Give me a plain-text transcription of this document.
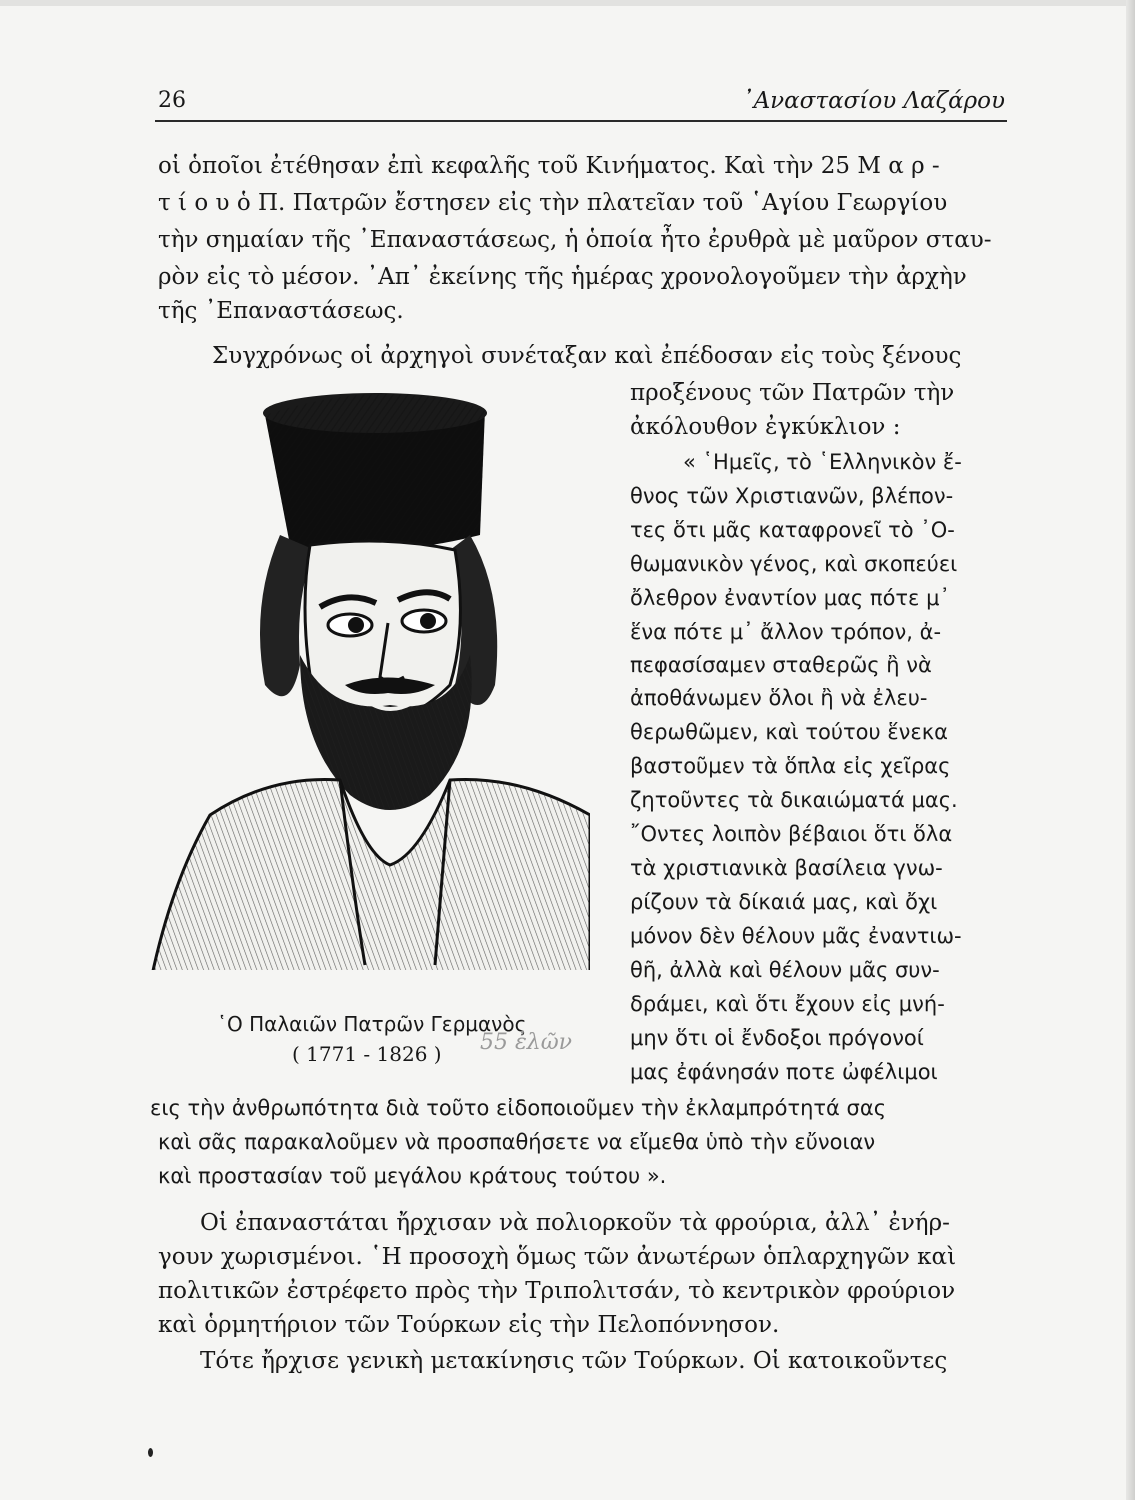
26	᾿Αναστασίου Λαζάρου
οἱ ὁποῖοι ἐτέθησαν ἐπὶ κεφαλῆς τοῦ Κινήματος. Καὶ τὴν 25 Μ α ρ -
τ ί ο υ ὁ Π. Πατρῶν ἔστησεν εἰς τὴν πλατεῖαν τοῦ ῾Αγίου Γεωργίου
τὴν σημαίαν τῆς ᾿Επαναστάσεως, ἡ ὁποία ἦτο ἐρυθρὰ μὲ μαῦρον σταυ-
ρὸν εἰς τὸ μέσον. ᾿Απ᾿ ἐκείνης τῆς ἡμέρας χρονολογοῦμεν τὴν ἀρχὴν
τῆς ᾿Επαναστάσεως.
Συγχρόνως οἱ ἀρχηγοὶ συνέταξαν καὶ ἐπέδοσαν εἰς τοὺς ξένους
προξένους τῶν Πατρῶν τὴν
ἀκόλουθον ἐγκύκλιον :
« ῾Ημεῖς, τὸ ῾Ελληνικὸν ἔ-
θνος τῶν Χριστιανῶν, βλέπον-
τες ὅτι μᾶς καταφρονεῖ τὸ ᾿Ο-
θωμανικὸν γένος, καὶ σκοπεύει
ὄλεθρον ἐναντίον μας πότε μ᾿
ἕνα πότε μ᾿ ἄλλον τρόπον, ἀ-
πεφασίσαμεν σταθερῶς ἢ νὰ
ἀποθάνωμεν ὅλοι ἢ νὰ ἐλευ-
θερωθῶμεν, καὶ τούτου ἕνεκα
βαστοῦμεν τὰ ὅπλα εἰς χεῖρας
ζητοῦντες τὰ δικαιώματά μας.
῎Οντες λοιπὸν βέβαιοι ὅτι ὅλα
τὰ χριστιανικὰ βασίλεια γνω-
ρίζουν τὰ δίκαιά μας, καὶ ὄχι
μόνον δὲν θέλουν μᾶς ἐναντιω-
θῆ, ἀλλὰ καὶ θέλουν μᾶς συν-
δράμει, καὶ ὅτι ἔχουν εἰς μνή-
μην ὅτι οἱ ἔνδοξοι πρόγονοί
μας ἐφάνησάν ποτε ὠφέλιμοι
῾Ο Παλαιῶν Πατρῶν Γερμανὸς
( 1771 - 1826 ) 55 ἐλῶν
εις τὴν ἀνθρωπότητα διὰ τοῦτο εἰδοποιοῦμεν τὴν ἐκλαμπρότητά σας
καὶ σᾶς παρακαλοῦμεν νὰ προσπαθήσετε να εἴμεθα ὑπὸ τὴν εὔνοιαν
καὶ προστασίαν τοῦ μεγάλου κράτους τούτου ».
Οἱ ἐπαναστάται ἤρχισαν νὰ πολιορκοῦν τὰ φρούρια, ἀλλ᾿ ἐνήρ-
γουν χωρισμένοι. ῾Η προσοχὴ ὅμως τῶν ἀνωτέρων ὁπλαρχηγῶν καὶ
πολιτικῶν ἐστρέφετο πρὸς τὴν Τριπολιτσάν, τὸ κεντρικὸν φρούριον
καὶ ὁρμητήριον τῶν Τούρκων εἰς τὴν Πελοπόννησον.
Τότε ἤρχισε γενικὴ μετακίνησις τῶν Τούρκων. Οἱ κατοικοῦντες
